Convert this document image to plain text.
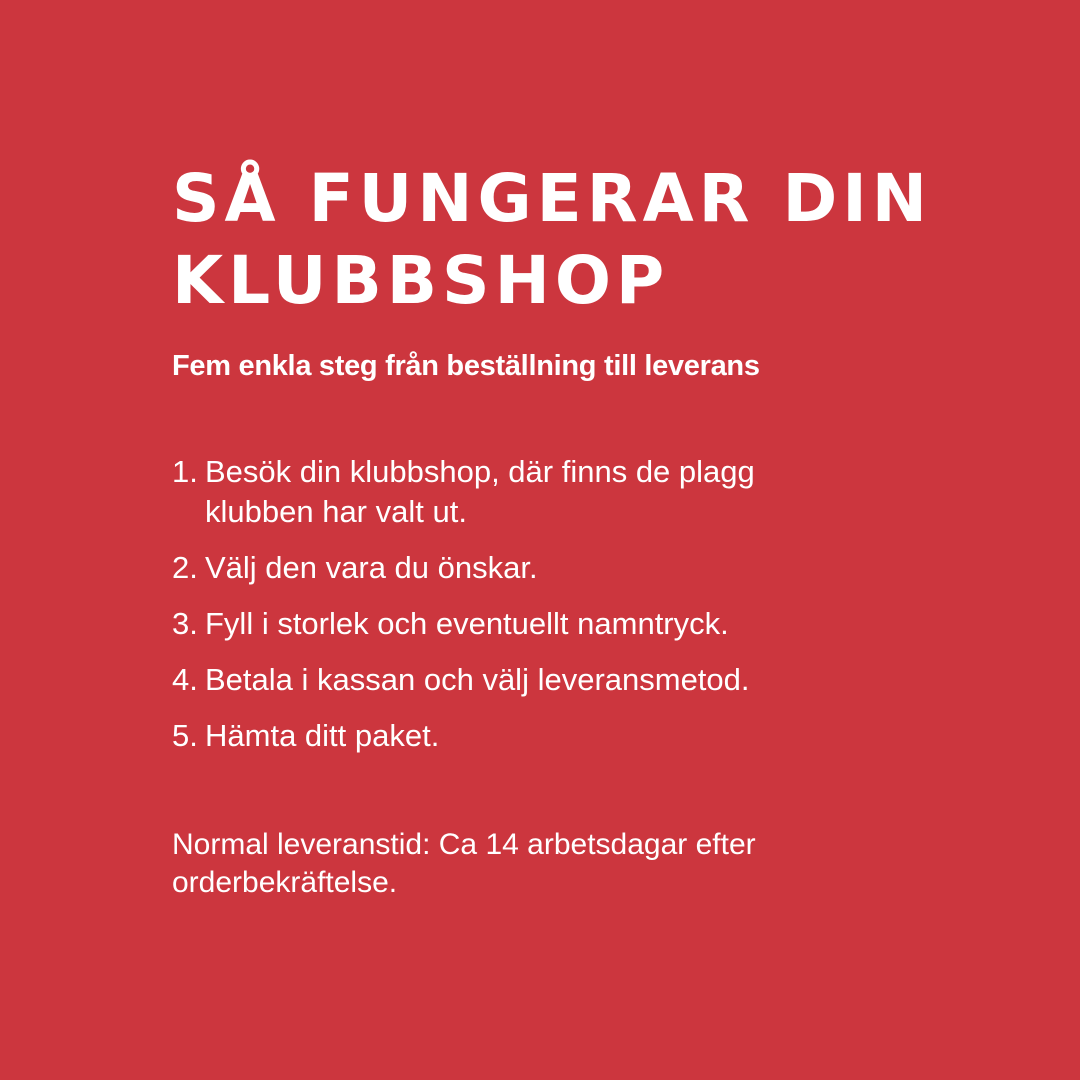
SÅ FUNGERAR DIN
KLUBBSHOP

Fem enkla steg från beställning till leverans

1. Besök din klubbshop, där finns de plagg klubben har valt ut.
2. Välj den vara du önskar.
3. Fyll i storlek och eventuellt namntryck.
4. Betala i kassan och välj leveransmetod.
5. Hämta ditt paket.

Normal leveranstid: Ca 14 arbetsdagar efter orderbekräftelse.
